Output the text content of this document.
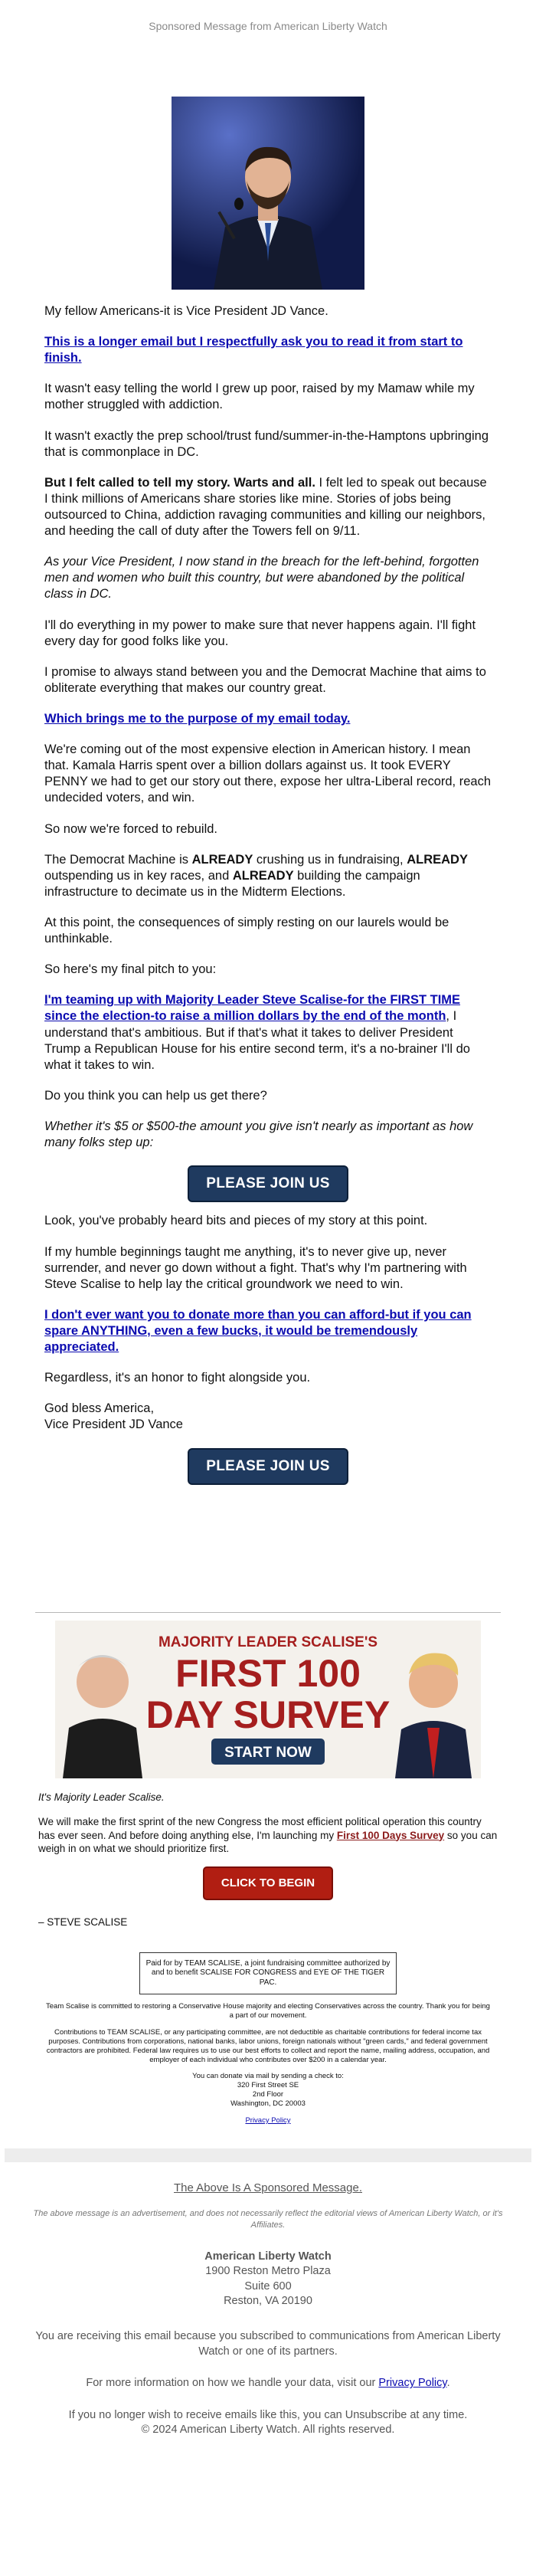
Sponsored Message from American Liberty Watch

My fellow Americans-it is Vice President JD Vance.

This is a longer email but I respectfully ask you to read it from start to finish.

It wasn't easy telling the world I grew up poor, raised by my Mamaw while my mother struggled with addiction.

It wasn't exactly the prep school/trust fund/summer-in-the-Hamptons upbringing that is commonplace in DC.

But I felt called to tell my story. Warts and all. I felt led to speak out because I think millions of Americans share stories like mine. Stories of jobs being outsourced to China, addiction ravaging communities and killing our neighbors, and heeding the call of duty after the Towers fell on 9/11.

As your Vice President, I now stand in the breach for the left-behind, forgotten men and women who built this country, but were abandoned by the political class in DC.

I'll do everything in my power to make sure that never happens again. I'll fight every day for good folks like you.

I promise to always stand between you and the Democrat Machine that aims to obliterate everything that makes our country great.

Which brings me to the purpose of my email today.

We're coming out of the most expensive election in American history. I mean that. Kamala Harris spent over a billion dollars against us. It took EVERY PENNY we had to get our story out there, expose her ultra-Liberal record, reach undecided voters, and win.

So now we're forced to rebuild.

The Democrat Machine is ALREADY crushing us in fundraising, ALREADY outspending us in key races, and ALREADY building the campaign infrastructure to decimate us in the Midterm Elections.

At this point, the consequences of simply resting on our laurels would be unthinkable.

So here's my final pitch to you:

I'm teaming up with Majority Leader Steve Scalise-for the FIRST TIME since the election-to raise a million dollars by the end of the month, I understand that's ambitious. But if that's what it takes to deliver President Trump a Republican House for his entire second term, it's a no-brainer I'll do what it takes to win.

Do you think you can help us get there?

Whether it's $5 or $500-the amount you give isn't nearly as important as how many folks step up:

PLEASE JOIN US

Look, you've probably heard bits and pieces of my story at this point.

If my humble beginnings taught me anything, it's to never give up, never surrender, and never go down without a fight. That's why I'm partnering with Steve Scalise to help lay the critical groundwork we need to win.

I don't ever want you to donate more than you can afford-but if you can spare ANYTHING, even a few bucks, it would be tremendously appreciated.

Regardless, it's an honor to fight alongside you.

God bless America,
Vice President JD Vance

PLEASE JOIN US
MAJORITY LEADER SCALISE'S
FIRST 100
DAY SURVEY
START NOW

It's Majority Leader Scalise.

We will make the first sprint of the new Congress the most efficient political operation this country has ever seen. And before doing anything else, I'm launching my First 100 Days Survey so you can weigh in on what we should prioritize first.

CLICK TO BEGIN

– STEVE SCALISE

Paid for by TEAM SCALISE, a joint fundraising committee authorized by and to benefit SCALISE FOR CONGRESS and EYE OF THE TIGER PAC.

Team Scalise is committed to restoring a Conservative House majority and electing Conservatives across the country. Thank you for being a part of our movement.

Contributions to TEAM SCALISE, or any participating committee, are not deductible as charitable contributions for federal income tax purposes. Contributions from corporations, national banks, labor unions, foreign nationals without "green cards," and federal government contractors are prohibited. Federal law requires us to use our best efforts to collect and report the name, mailing address, occupation, and employer of each individual who contributes over $200 in a calendar year.

You can donate via mail by sending a check to:
320 First Street SE
2nd Floor
Washington, DC 20003

Privacy Policy

The Above Is A Sponsored Message.

The above message is an advertisement, and does not necessarily reflect the editorial views of American Liberty Watch, or it's Affiliates.

American Liberty Watch

1900 Reston Metro Plaza

Suite 600

Reston, VA 20190

You are receiving this email because you subscribed to communications from American Liberty Watch or one of its partners.

For more information on how we handle your data, visit our Privacy Policy.

If you no longer wish to receive emails like this, you can Unsubscribe at any time.

© 2024 American Liberty Watch. All rights reserved.
